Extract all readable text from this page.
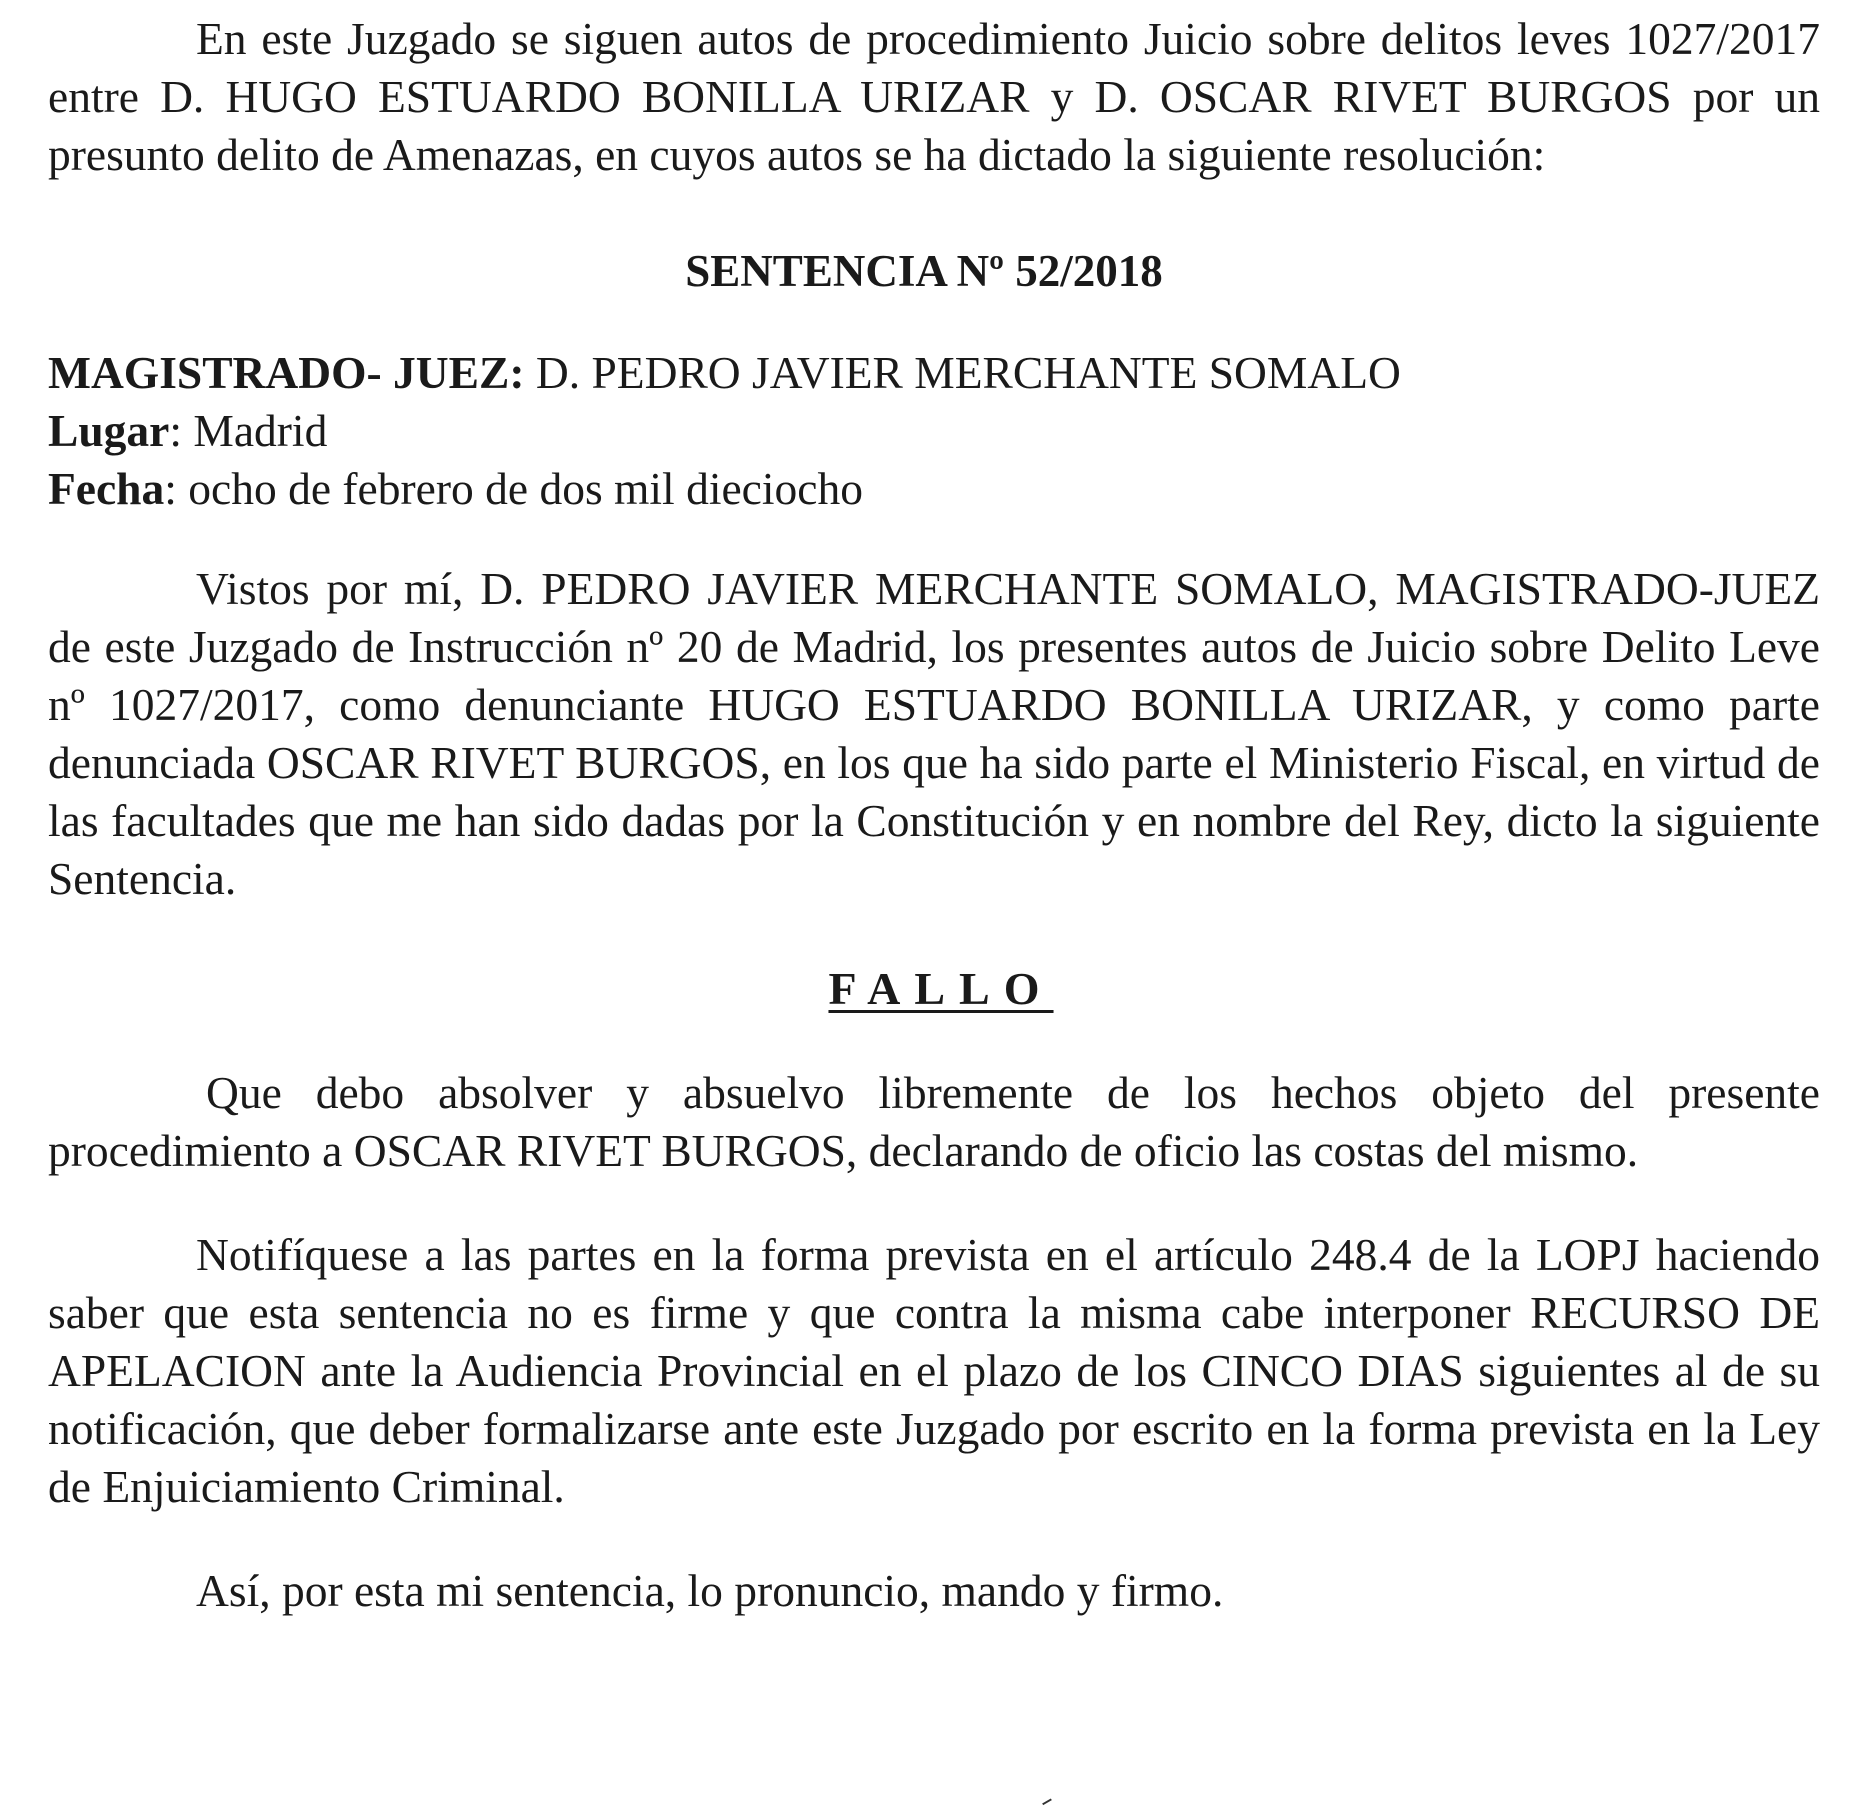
En este Juzgado se siguen autos de procedimiento Juicio sobre delitos leves 1027/2017 entre D. HUGO ESTUARDO BONILLA URIZAR y D. OSCAR RIVET BURGOS por un presunto delito de Amenazas, en cuyos autos se ha dictado la siguiente resolución:

SENTENCIA Nº 52/2018

MAGISTRADO- JUEZ: D. PEDRO JAVIER MERCHANTE SOMALO

Lugar: Madrid

Fecha: ocho de febrero de dos mil dieciocho

Vistos por mí, D. PEDRO JAVIER MERCHANTE SOMALO, MAGISTRADO-JUEZ de este Juzgado de Instrucción nº 20 de Madrid, los presentes autos de Juicio sobre Delito Leve nº 1027/2017, como denunciante HUGO ESTUARDO BONILLA URIZAR, y como parte denunciada OSCAR RIVET BURGOS, en los que ha sido parte el Ministerio Fiscal, en virtud de las facultades que me han sido dadas por la Constitución y en nombre del Rey, dicto la siguiente Sentencia.

FALLO

Que debo absolver y absuelvo libremente de los hechos objeto del presente procedimiento a OSCAR RIVET BURGOS, declarando de oficio las costas del mismo.

Notifíquese a las partes en la forma prevista en el artículo 248.4 de la LOPJ haciendo saber que esta sentencia no es firme y que contra la misma cabe interponer RECURSO DE APELACION ante la Audiencia Provincial en el plazo de los CINCO DIAS siguientes al de su notificación, que deber formalizarse ante este Juzgado por escrito en la forma prevista en la Ley de Enjuiciamiento Criminal.

Así, por esta mi sentencia, lo pronuncio, mando y firmo.
